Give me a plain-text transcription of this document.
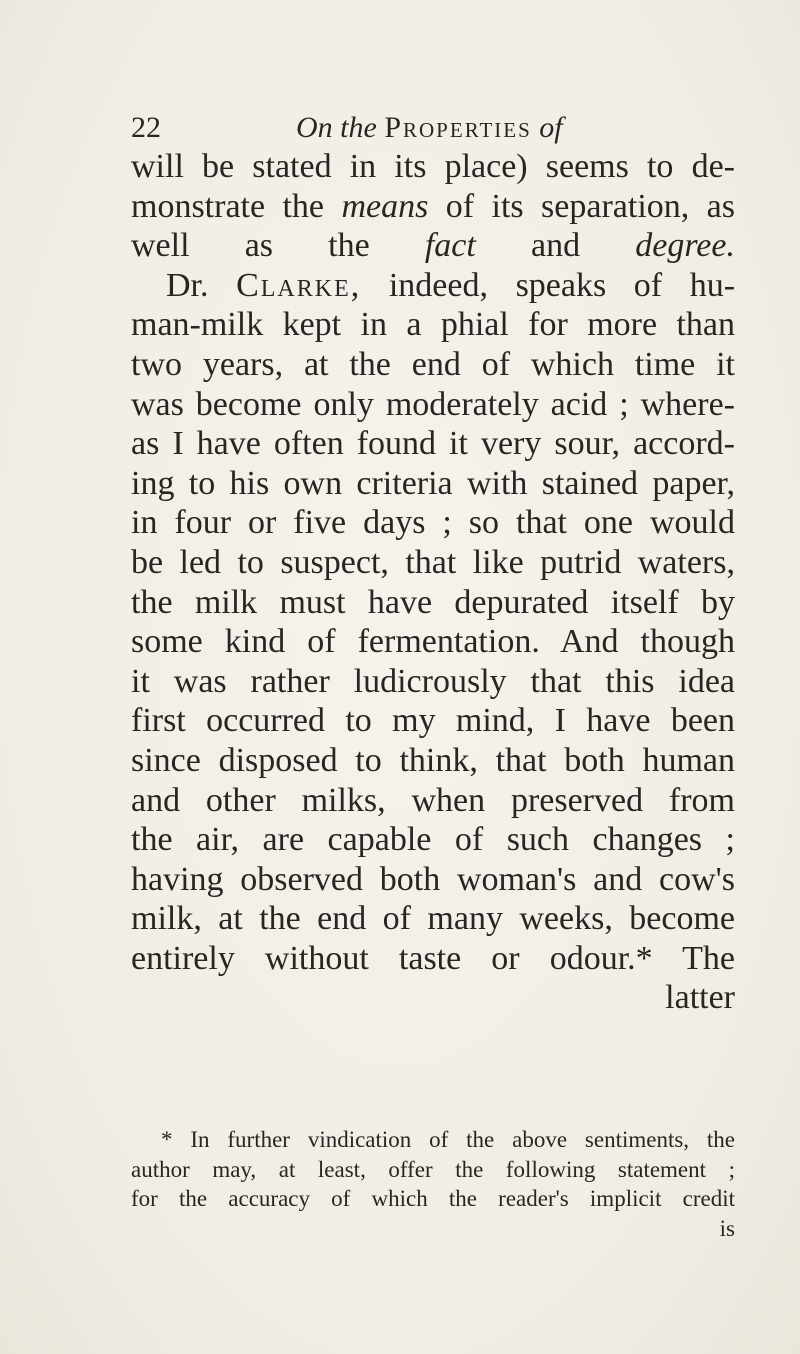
22	On the Properties of
will be stated in its place) seems to de-
monstrate the means of its separation, as
well as the fact and degree.
Dr. Clarke, indeed, speaks of hu-
man-milk kept in a phial for more than
two years, at the end of which time it
was become only moderately acid ; where-
as I have often found it very sour, accord-
ing to his own criteria with stained paper,
in four or five days ; so that one would
be led to suspect, that like putrid waters,
the milk must have depurated itself by
some kind of fermentation. And though
it was rather ludicrously that this idea
first occurred to my mind, I have been
since disposed to think, that both human
and other milks, when preserved from
the air, are capable of such changes ;
having observed both woman's and cow's
milk, at the end of many weeks, become
entirely without taste or odour.* The
latter
* In further vindication of the above sentiments, the
author may, at least, offer the following statement ;
for the accuracy of which the reader's implicit credit
is
